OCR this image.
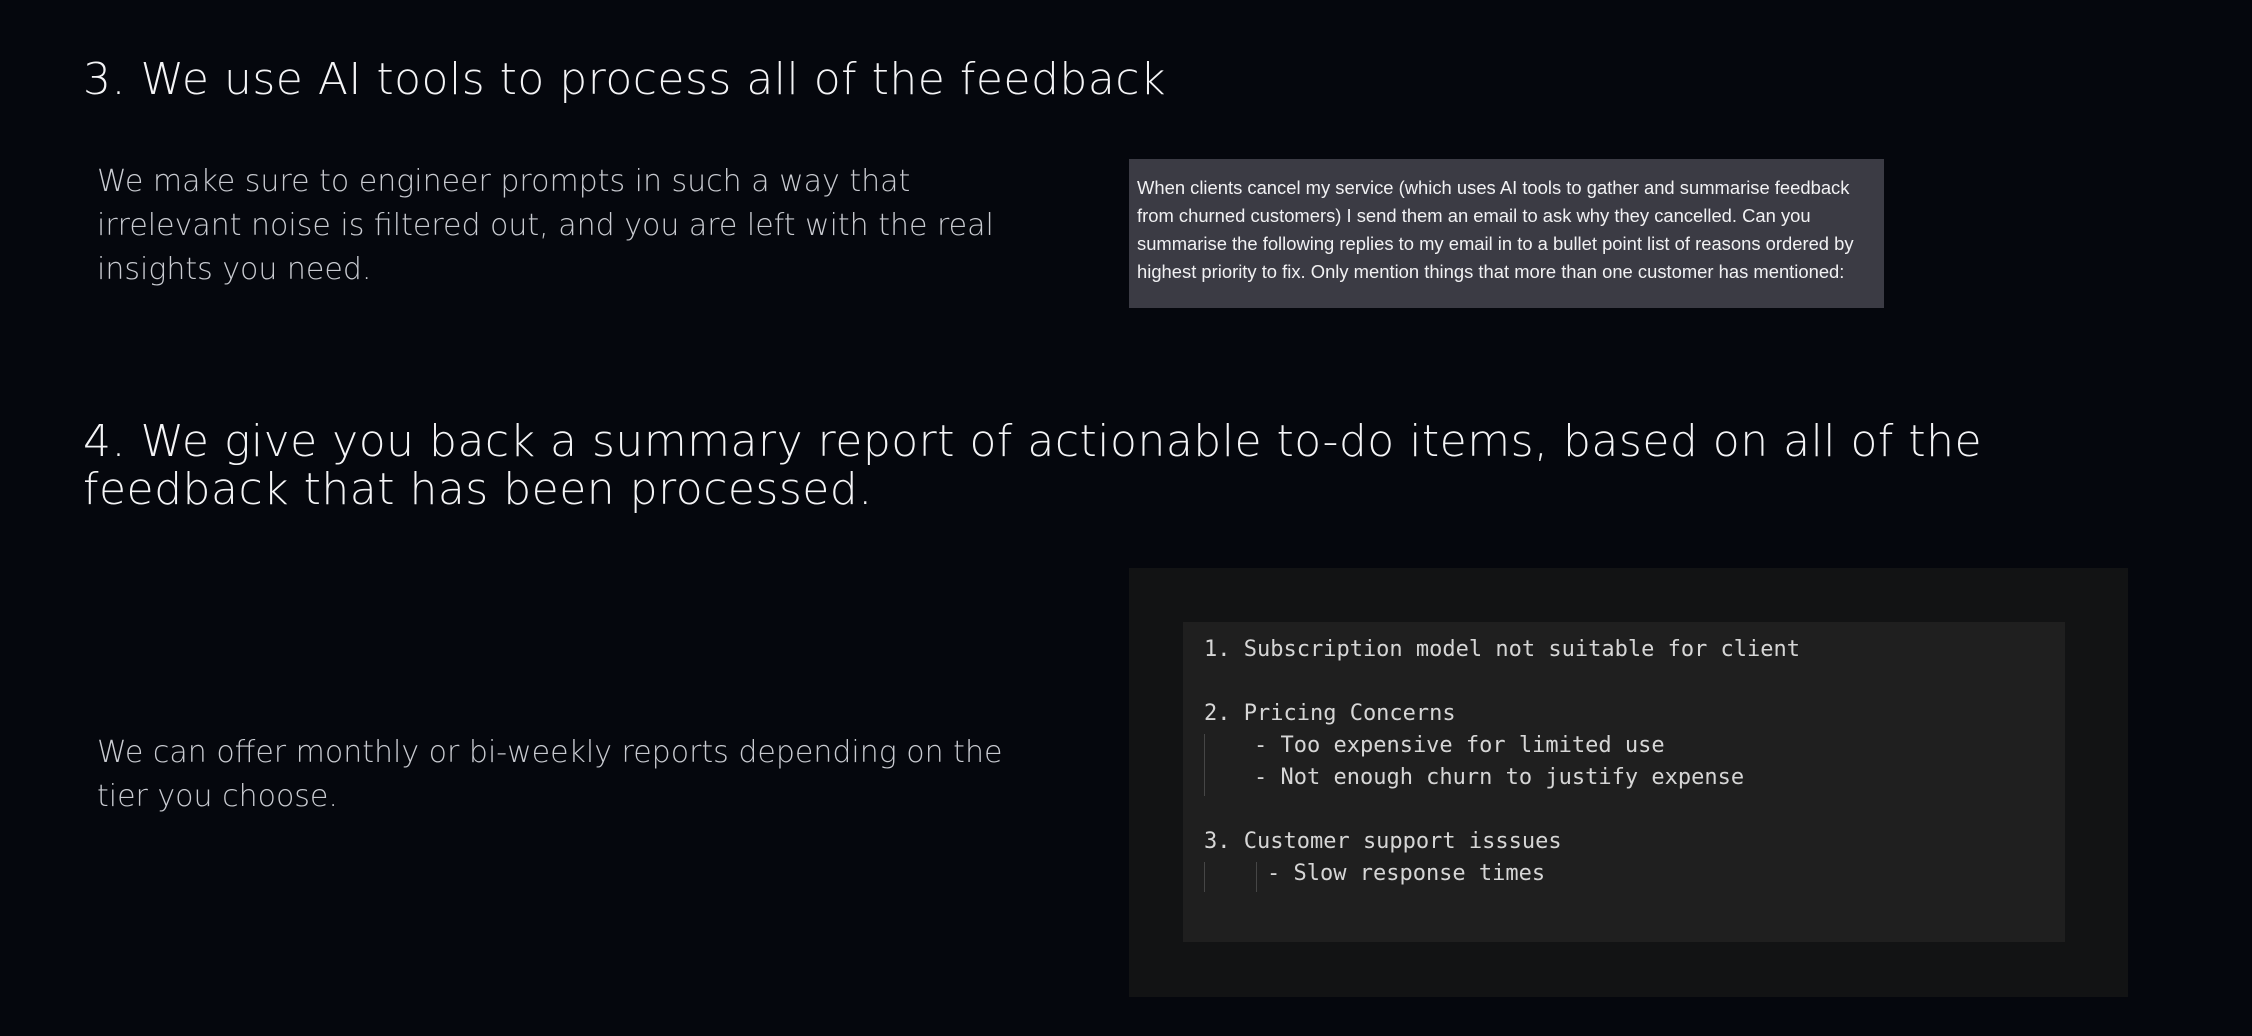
3. We use AI tools to process all of the feedback

We make sure to engineer prompts in such a way that
irrelevant noise is filtered out, and you are left with the real
insights you need.

When clients cancel my service (which uses AI tools to gather and summarise feedback from churned customers) I send them an email to ask why they cancelled. Can you summarise the following replies to my email in to a bullet point list of reasons ordered by highest priority to fix. Only mention things that more than one customer has mentioned:

4. We give you back a summary report of actionable to-do items, based on all of the feedback that has been processed.

We can offer monthly or bi-weekly reports depending on the
tier you choose.

1. Subscription model not suitable for client
2. Pricing Concerns
- Too expensive for limited use
- Not enough churn to justify expense
3. Customer support isssues
- Slow response times
